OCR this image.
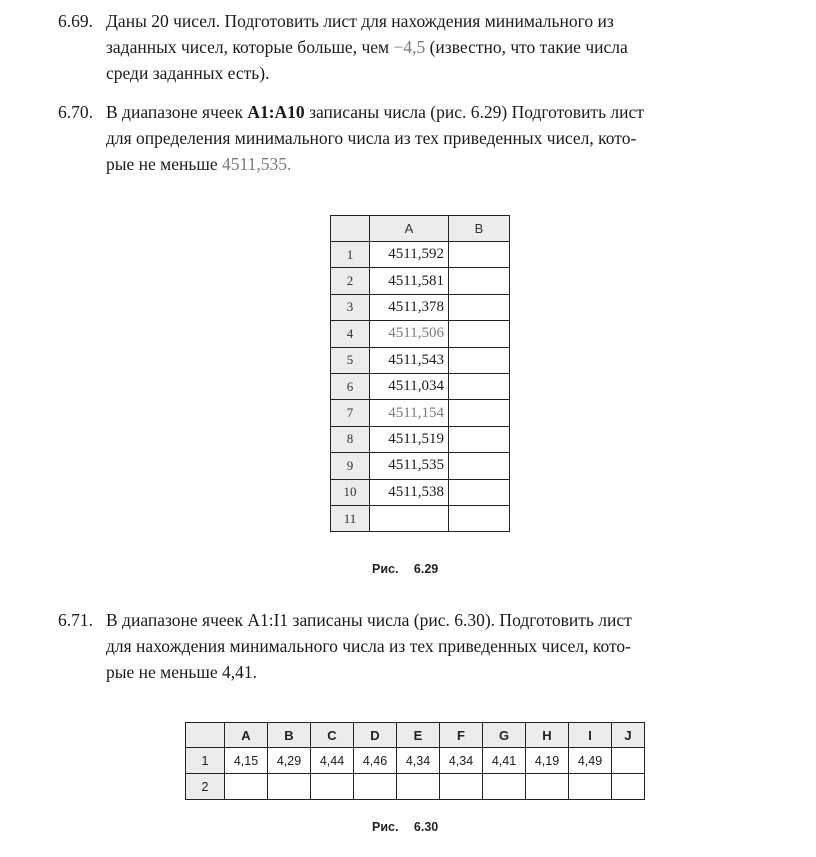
6.69. Даны 20 чисел. Подготовить лист для нахождения минимального из
заданных чисел, которые больше, чем −4,5 (известно, что такие числа
среди заданных есть).
6.70. В диапазоне ячеек A1:A10 записаны числа (рис. 6.29) Подготовить лист
для определения минимального числа из тех приведенных чисел, кото-
рые не меньше 4511,535.
	A	B
1	4511,592	
2	4511,581	
3	4511,378	
4	4511,506	
5	4511,543	
6	4511,034	
7	4511,154	
8	4511,519	
9	4511,535	
10	4511,538	
11		
Рис. 6.29
6.71. В диапазоне ячеек A1:I1 записаны числа (рис. 6.30). Подготовить лист
для нахождения минимального числа из тех приведенных чисел, кото-
рые не меньше 4,41.
	A	B	C	D	E	F	G	H	I	J
1	4,15	4,29	4,44	4,46	4,34	4,34	4,41	4,19	4,49	
2										
Рис. 6.30
